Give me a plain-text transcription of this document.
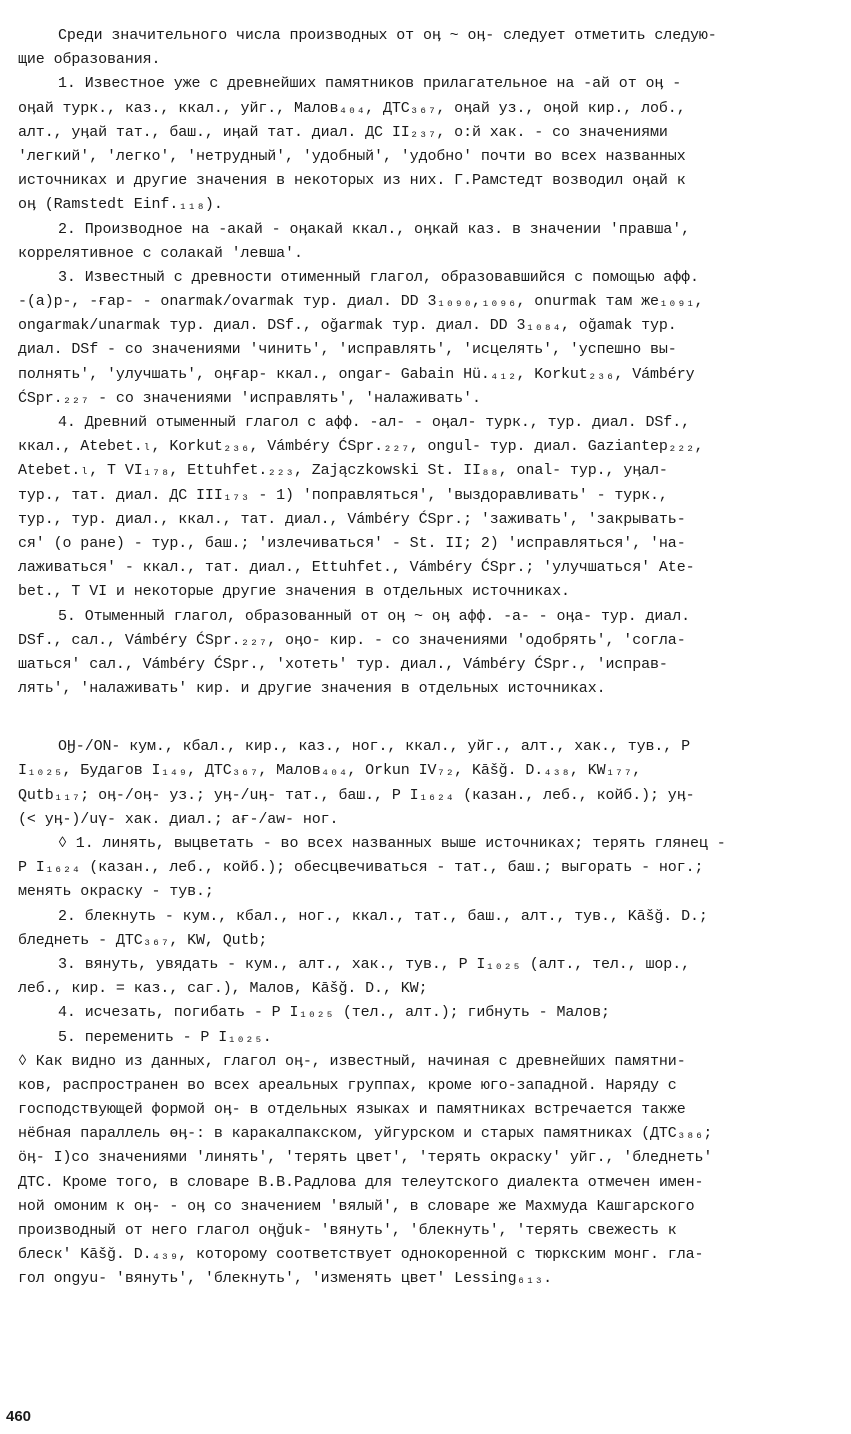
Среди значительного числа производных от оӊ ~ оӊ- следует отметить следую-
щие образования.
1. Известное уже с древнейших памятников прилагательное на -ай от оӊ -
оӊай турк., каз., ккал., уйг., Малов₄₀₄, ДТС₃₆₇, оӊай уз., оӊой кир., лоб.,
алт., уӊай тат., баш., иӊай тат. диал. ДС II₂₃₇, о:й хак. - со значениями
'легкий', 'легко', 'нетрудный', 'удобный', 'удобно' почти во всех названных
источниках и другие значения в некоторых из них. Г.Рамстедт возводил оӊай к
оӊ (Ramstedt Einf.₁₁₈).
2. Производное на -акай - оӊакай ккал., оӊкай каз. в значении 'правша',
коррелятивное с солакай 'левша'.
3. Известный с древности отименный глагол, образовавшийся с помощью афф.
-(a)р-, -ғар- - onarmak/ovarmak тур. диал. DD 3₁₀₉₀,₁₀₉₆, onurmak там же₁₀₉₁,
ongarmak/unarmak тур. диал. DSf., oğarmak тур. диал. DD 3₁₀₈₄, oğamak тур.
диал. DSf - со значениями 'чинить', 'исправлять', 'исцелять', 'успешно вы-
полнять', 'улучшать', оӊғар- ккал., ongar- Gabain Hü.₄₁₂, Korkut₂₃₆, Vámbéry
ĆSpr.₂₂₇ - со значениями 'исправлять', 'налаживать'.
4. Древний отыменный глагол с афф. -ал- - оӊал- турк., тур. диал. DSf.,
ккал., Atebet.ₗ, Korkut₂₃₆, Vámbéry ĆSpr.₂₂₇, ongul- тур. диал. Gaziantep₂₂₂,
Atebet.ₗ, T VI₁₇₈, Ettuhfet.₂₂₃, Zajączkowski St. II₈₈, onal- тур., уӊал-
тур., тат. диал. ДС III₁₇₃ - 1) 'поправляться', 'выздоравливать' - турк.,
тур., тур. диал., ккал., тат. диал., Vámbéry ĆSpr.; 'заживать', 'закрывать-
ся' (о ране) - тур., баш.; 'излечиваться' - St. II; 2) 'исправляться', 'на-
лаживаться' - ккал., тат. диал., Ettuhfet., Vámbéry ĆSpr.; 'улучшаться' Ate-
bet., T VI и некоторые другие значения в отдельных источниках.
5. Отыменный глагол, образованный от оӊ ~ оӊ афф. -а- - оӊа- тур. диал.
DSf., сал., Vámbéry ĆSpr.₂₂₇, оӊо- кир. - со значениями 'одобрять', 'согла-
шаться' сал., Vámbéry ĆSpr., 'хотеть' тур. диал., Vámbéry ĆSpr., 'исправ-
лять', 'налаживать' кир. и другие значения в отдельных источниках.
ОӇ-/ОN- кум., кбал., кир., каз., ног., ккал., уйг., алт., хак., тув., Р
I₁₀₂₅, Будагов I₁₄₉, ДТС₃₆₇, Малов₄₀₄, Orkun IV₇₂, Kāšğ. D.₄₃₈, KW₁₇₇,
Qutb₁₁₇; оӊ-/оӊ- уз.; уӊ-/uӊ- тат., баш., Р I₁₆₂₄ (казан., леб., койб.); уӊ-
(< уӊ-)/uү- хак. диал.; ағ-/aw- ног.
◊ 1. линять, выцветать - во всех названных выше источниках; терять глянец -
Р I₁₆₂₄ (казан., леб., койб.); обесцвечиваться - тат., баш.; выгорать - ног.;
менять окраску - тув.;
2. блекнуть - кум., кбал., ног., ккал., тат., баш., алт., тув., Kāšğ. D.;
бледнеть - ДТС₃₆₇, KW, Qutb;
3. вянуть, увядать - кум., алт., хак., тув., Р I₁₀₂₅ (алт., тел., шор.,
леб., кир. = каз., саг.), Малов, Kāšğ. D., KW;
4. исчезать, погибать - Р I₁₀₂₅ (тел., алт.); гибнуть - Малов;
5. переменить - Р I₁₀₂₅.
◊ Как видно из данных, глагол оӊ-, известный, начиная с древнейших памятни-
ков, распространен во всех ареальных группах, кроме юго-западной. Наряду с
господствующей формой оӊ- в отдельных языках и памятниках встречается также
нёбная параллель өӊ-: в каракалпакском, уйгурском и старых памятниках (ДТС₃₈₆;
öӊ- I)со значениями 'линять', 'терять цвет', 'терять окраску' уйг., 'бледнеть'
ДТС. Кроме того, в словаре В.В.Радлова для телеутского диалекта отмечен имен-
ной омоним к оӊ- - оӊ со значением 'вялый', в словаре же Махмуда Кашгарского
производный от него глагол oңğuk- 'вянуть', 'блекнуть', 'терять свежесть к
блеск' Kāšğ. D.₄₃₉, которому соответствует однокоренной с тюркским монг. гла-
гол ongyu- 'вянуть', 'блекнуть', 'изменять цвет' Lessing₆₁₃.
460
